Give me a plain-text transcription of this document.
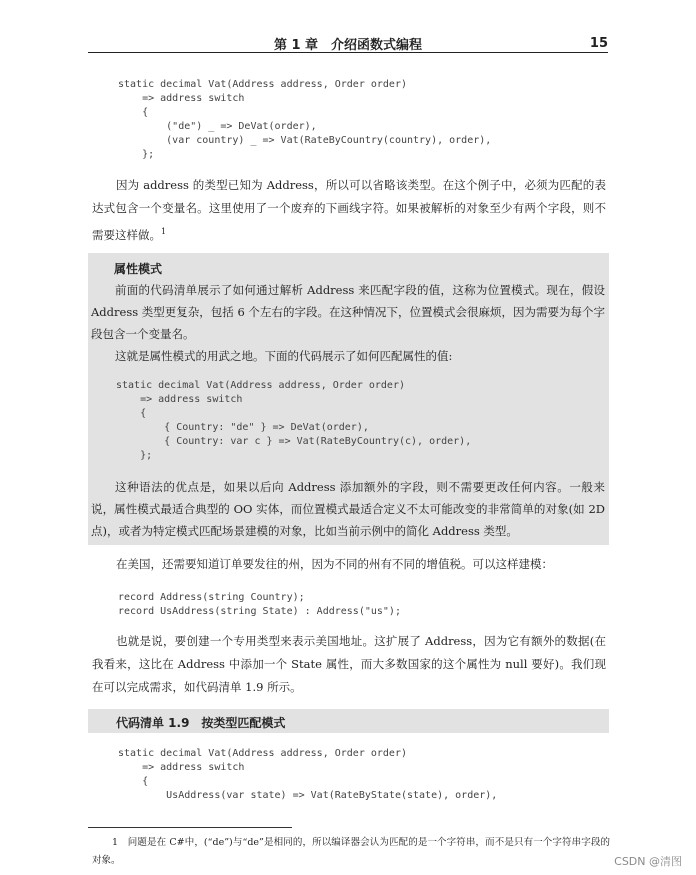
第 1 章　介绍函数式编程	15
static decimal Vat(Address address, Order order)
=> address switch
{
("de") _ => DeVat(order),
(var country) _ => Vat(RateByCountry(country), order),
};

因为 address 的类型已知为 Address，所以可以省略该类型。在这个例子中，必须为匹配的表达式包含一个变量名。这里使用了一个废弃的下画线字符。如果被解析的对象至少有两个字段，则不需要这样做。$^1$

属性模式

前面的代码清单展示了如何通过解析 Address 来匹配字段的值，这称为位置模式。现在，假设 Address 类型更复杂，包括 6 个左右的字段。在这种情况下，位置模式会很麻烦，因为需要为每个字段包含一个变量名。

这就是属性模式的用武之地。下面的代码展示了如何匹配属性的值:

static decimal Vat(Address address, Order order)
=> address switch
{
{ Country: "de" } => DeVat(order),
{ Country: var c } => Vat(RateByCountry(c), order),
};

这种语法的优点是，如果以后向 Address 添加额外的字段，则不需要更改任何内容。一般来说，属性模式最适合典型的 OO 实体，而位置模式最适合定义不太可能改变的非常简单的对象(如 2D 点)，或者为特定模式匹配场景建模的对象，比如当前示例中的简化 Address 类型。

在美国，还需要知道订单要发往的州，因为不同的州有不同的增值税。可以这样建模：

record Address(string Country);
record UsAddress(string State) : Address("us");

也就是说，要创建一个专用类型来表示美国地址。这扩展了 Address，因为它有额外的数据(在我看来，这比在 Address 中添加一个 State 属性，而大多数国家的这个属性为 null 要好)。我们现在可以完成需求，如代码清单 1.9 所示。

代码清单 1.9　按类型匹配模式
static decimal Vat(Address address, Order order)
=> address switch
{
UsAddress(var state) => Vat(RateByState(state), order),

1　问题是在 C#中，(“de”)与“de”是相同的，所以编译器会认为匹配的是一个字符串，而不是只有一个字符串字段的对象。	CSDN @清图
